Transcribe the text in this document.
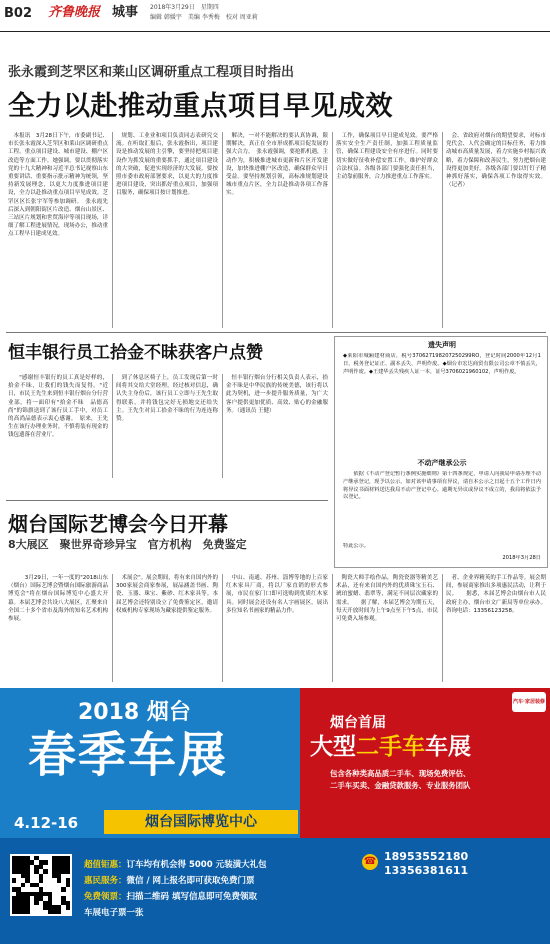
B02 齐鲁晚报 城事 2018年3月29日　星期四
编辑 韩媛宇　美编 李秀梅　校对 周亚莉
张永霞到芝罘区和莱山区调研重点工程项目时指出
全力以赴推动重点项目早见成效

本报讯　3月28日下午，市委副书记、市长张永霞深入芝罘区和莱山区调研重点工程。重点项目建设、城市建设、棚户区改造等方面工作。她强调，要以贯彻落实党的十九大精神和习近平总书记视察山东重要讲话、重要指示批示精神为统领，坚持新发展理念，以更大力度推进项目建设，全力以赴推动重点项目早见成效。芝罘区区长张宇军等参加调研。　张永霞先后深入到朝阳街区片改造、烟台山景区、三站区片规划和世贸海岸等项目现场，详细了解工程进展情况，现场办公，推动重点工程早日建成见效。

规划、工业业和项目负责同志表研究交流。在听取汇报后，张永霞指出，项目建设是推动发展的主引擎，要坚持把项目建设作为抓发展的重要抓手，通过项目建设的大突破，促进实现经济的大发展。要按照市委市政府部署要求，以更大的力度推进项目建设，突出抓好重点项目，加强项目服务，确保项目按计划推进。

解决，一对不能解决的要认真协调，限期解决，真正在全市形成抓项目促发展的强大合力。　张永霞强调，要抢抓机遇，主动作为，积极推进城市更新和片区开发建设，加快推进棚户区改造，确保群众早日受益。要坚持规划引领，高标准规划建设城市重点片区，全力以赴推动各项工作落实。

工作，确保项目早日建成见效。要严格落实安全生产责任制，加强工程质量监管，确保工程建设安全有序进行。同时要切实做好征收补偿安置工作，维护好群众合法权益。各级各部门要强化责任担当，主动靠前服务，合力推进重点工作落实。

会、省政府对烟台的期望要求，对标市党代会、人代会确定的目标任务，着力推动城市高质量发展，着力实施乡村振兴战略，着力保障和改善民生，努力把烟台建设得更加美好。各级各部门要以钉钉子精神抓好落实，确保各项工作取得实效。（记者）

恒丰银行员工拾金不昧获客户点赞

　"感谢恒丰银行的员工真是好样的，拾金不昧，让我们的钱失而复得。"近日，市民王先生来到恒丰银行烟台分行营业部，将一面印有"拾金不昧　品德高尚"的锦旗送到了该行员工手中，对员工的高尚品德表示衷心感谢。　原来，王先生在该行办理业务时，不慎将装有现金的钱包遗落在营业厅。

到了休息区椅子上，员工发现后第一时间将其交给大堂经理。经过核对信息，确认失主身份后，该行员工立即与王先生取得联系，并将钱包完好无损地交还给失主。王先生对员工拾金不昧的行为连连称赞。

恒丰银行烟台分行相关负责人表示，拾金不昧是中华民族的传统美德，该行将以此为契机，进一步提升服务质量，为广大客户提供更加优质、高效、贴心的金融服务。（通讯员 王健）

遗失声明
◆莱阳市城厢建材商店，税号370627198207250299RO，登记时间2000年12月1日，税务登记证正、副本丢失，声明作废。◆烟台市宏达商贸有限公司公章不慎丢失，声明作废。◆王建华丢失残疾人证一本，证号3706021960102，声明作废。
不动产继承公示
　　依据《不动产登记暂行条例实施细则》第十四条规定，申请人向我局申请办理不动产继承登记，现予以公示。如对该申请事项有异议，请自本公示之日起十五个工作日内将异议书面材料送达我局不动产登记中心。逾期无异议或异议不成立的，我局将依法予以登记。
特此公示。
2018年3月28日
烟台国际艺博会今日开幕
8大展区　聚世界奇珍异宝　官方机构　免费鉴定

　　3月29日，一年一度的"2018山东（烟台）国际艺博会暨烟台国际旅游商品博览会"将在烟台国际博览中心盛大开幕。本届艺博会共设八大展区，汇聚来自全国二十多个省市及海外的知名艺术机构参展。

术展会"。展会期间，将有来自国内外的300家展会商家参展，展品涵盖书画、陶瓷、玉器、珠宝、紫砂、红木家具等。本届艺博会还特别设立了免费鉴定区，邀请权威机构专家现场为藏家提供鉴定服务。

中山、南通、苏州、淄博等地的上百家红木家具厂商，将以厂家直销的形式参展，市民在家门口即可选购到优质红木家具。同时展会还设有名人字画展区，展出多位知名书画家的精品力作。

陶瓷大师手绘作品，陶瓷瓷器等精美艺术品，还有来自国内外的优质珠宝玉石、琥珀蜜蜡、翡翠等，满足不同层次藏家的需求。　　据了解，本届艺博会为期五天，每天开放时间为上午9点至下午5点，市民可免费入场参观。

者、企业界精英的手工作品等。展会期间，参展商家推出多项惠民活动，让利于民。　　据悉，本届艺博会由烟台市人民政府主办，烟台市文广新局等单位承办。咨询电话：13356123258。

2018 烟台
春季车展
4.12-16	烟台国际博览中心
汽车·家居装修
烟台首届
大型二手车车展
包含各种类高品质二手车、现场免费评估、
二手车买卖、金融贷款服务、专业服务团队
☎ 18953552180
13356381611
超值钜惠：订车均有机会得 5000 元装潢大礼包
惠民服务：微信 / 网上报名即可获取免费门票
免费领票：扫描二维码 填写信息即可免费领取
车展电子票一张
